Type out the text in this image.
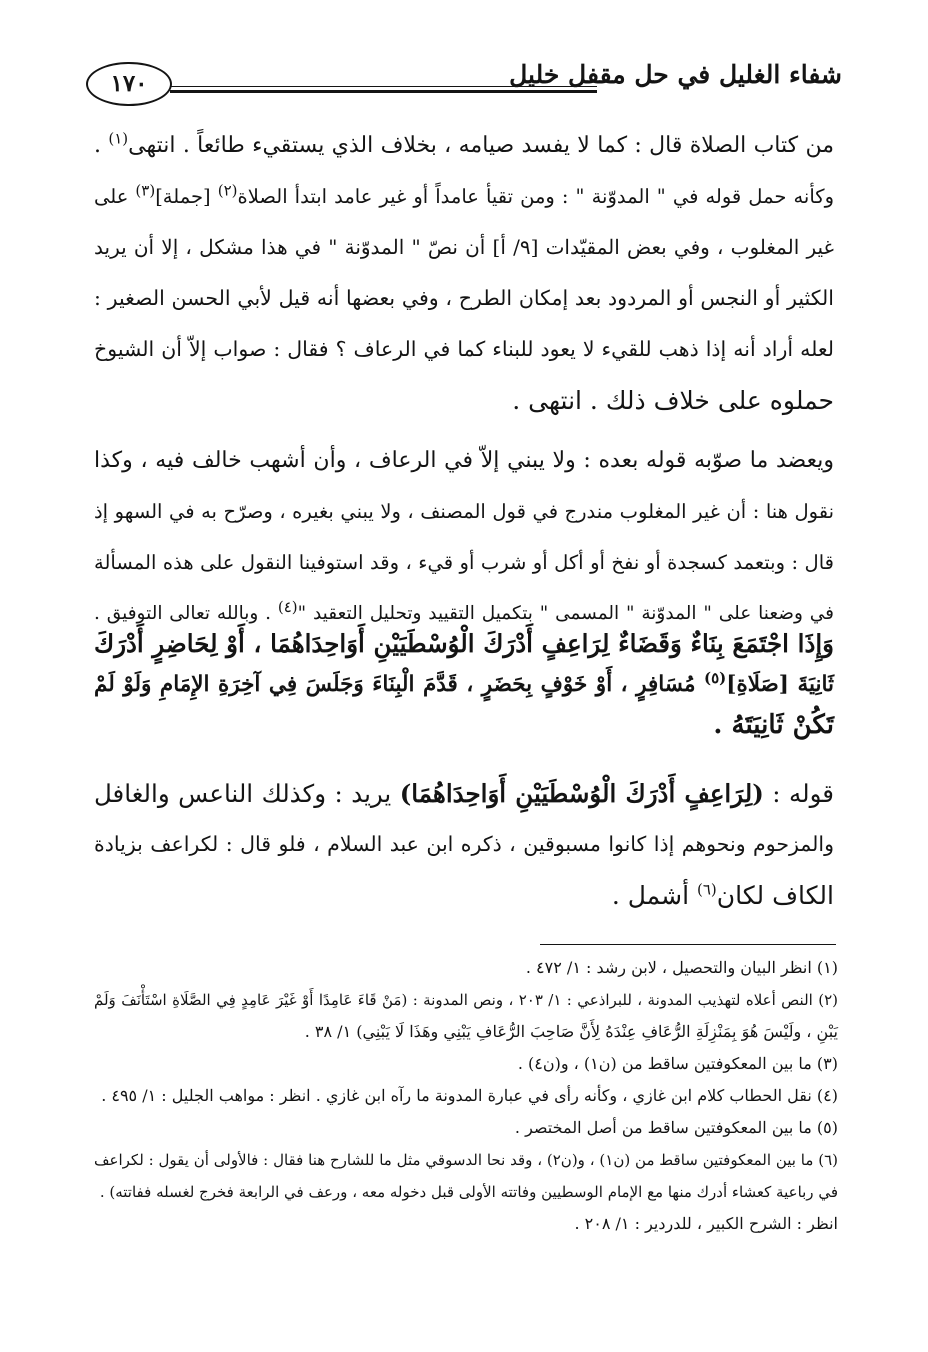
شفاء الغليل في حل مقفل خليل
١٧٠
من كتاب الصلاة قال : كما لا يفسد صيامه ، بخلاف الذي يستقيء طائعاً . انتهى$^{(١)}$ .
وكأنه حمل قوله في " المدوّنة " : ومن تقيأ عامداً أو غير عامد ابتدأ الصلاة$^{(٢)}$ [جملة]$^{(٣)}$ على
غير المغلوب ، وفي بعض المقيّدات [٩/ أ] أن نصّ " المدوّنة " في هذا مشكل ، إلا أن يريد
الكثير أو النجس أو المردود بعد إمكان الطرح ، وفي بعضها أنه قيل لأبي الحسن الصغير :
لعله أراد أنه إذا ذهب للقيء لا يعود للبناء كما في الرعاف ؟ فقال : صواب إلاّ أن الشيوخ
حملوه على خلاف ذلك . انتهى .
ويعضد ما صوّبه قوله بعده : ولا يبني إلاّ في الرعاف ، وأن أشهب خالف فيه ، وكذا
نقول هنا : أن غير المغلوب مندرج في قول المصنف ، ولا يبني بغيره ، وصرّح به في السهو إذ
قال : وبتعمد كسجدة أو نفخ أو أكل أو شرب أو قيء ، وقد استوفينا النقول على هذه المسألة
في وضعنا على " المدوّنة " المسمى " بتكميل التقييد وتحليل التعقيد "$^{(٤)}$ . وبالله تعالى التوفيق .
وَإِذَا اجْتَمَعَ بِنَاءٌ وَقَضَاءٌ لِرَاعِفٍ أَدْرَكَ الْوُسْطَيَيْنِ أَوَاحِدَاهُمَا ، أَوْ لِحَاضِرٍ أَدْرَكَ
ثَانِيَةَ [صَلَاةِ]$^{(٥)}$ مُسَافِرٍ ، أَوْ خَوْفٍ بِحَضَرٍ ، قَدَّمَ الْبِنَاءَ وَجَلَسَ فِي آخِرَةِ الإِمَامِ وَلَوْ لَمْ
تَكُنْ ثَانِيَتَهُ .
قوله : (لِرَاعِفٍ أَدْرَكَ الْوُسْطَيَيْنِ أَوَاحِدَاهُمَا) يريد : وكذلك الناعس والغافل
والمزحوم ونحوهم إذا كانوا مسبوقين ، ذكره ابن عبد السلام ، فلو قال : لكراعف بزيادة
الكاف لكان$^{(٦)}$ أشمل .
(١) انظر البيان والتحصيل ، لابن رشد : ١/ ٤٧٢ .
(٢) النص أعلاه لتهذيب المدونة ، للبراذعي : ١/ ٢٠٣ ، ونص المدونة : (مَنْ قَاءَ عَامِدًا أَوْ غَيْرَ عَامِدٍ فِي الصَّلَاةِ اسْتَأْنَفَ وَلَمْ
يَبْنِ ، ولَيْسَ هُوَ بِمَنْزِلَةِ الرُّعَافِ عِنْدَهُ لِأَنَّ صَاحِبَ الرُّعَافِ يَبْنِي وهَذَا لَا يَبْنِي) ١/ ٣٨ .
(٣) ما بين المعكوفتين ساقط من (ن١) ، و(ن٤) .
(٤) نقل الحطاب كلام ابن غازي ، وكأنه رأى في عبارة المدونة ما رآه ابن غازي . انظر : مواهب الجليل : ١/ ٤٩٥ .
(٥) ما بين المعكوفتين ساقط من أصل المختصر .
(٦) ما بين المعكوفتين ساقط من (ن١) ، و(ن٢) ، وقد نحا الدسوقي مثل ما للشارح هنا فقال : فالأولى أن يقول : لكراعف
في رباعية كعشاء أدرك منها مع الإمام الوسطيين وفاتته الأولى قبل دخوله معه ، ورعف في الرابعة فخرج لغسله ففاتته) .
انظر : الشرح الكبير ، للدردير : ١/ ٢٠٨ .
